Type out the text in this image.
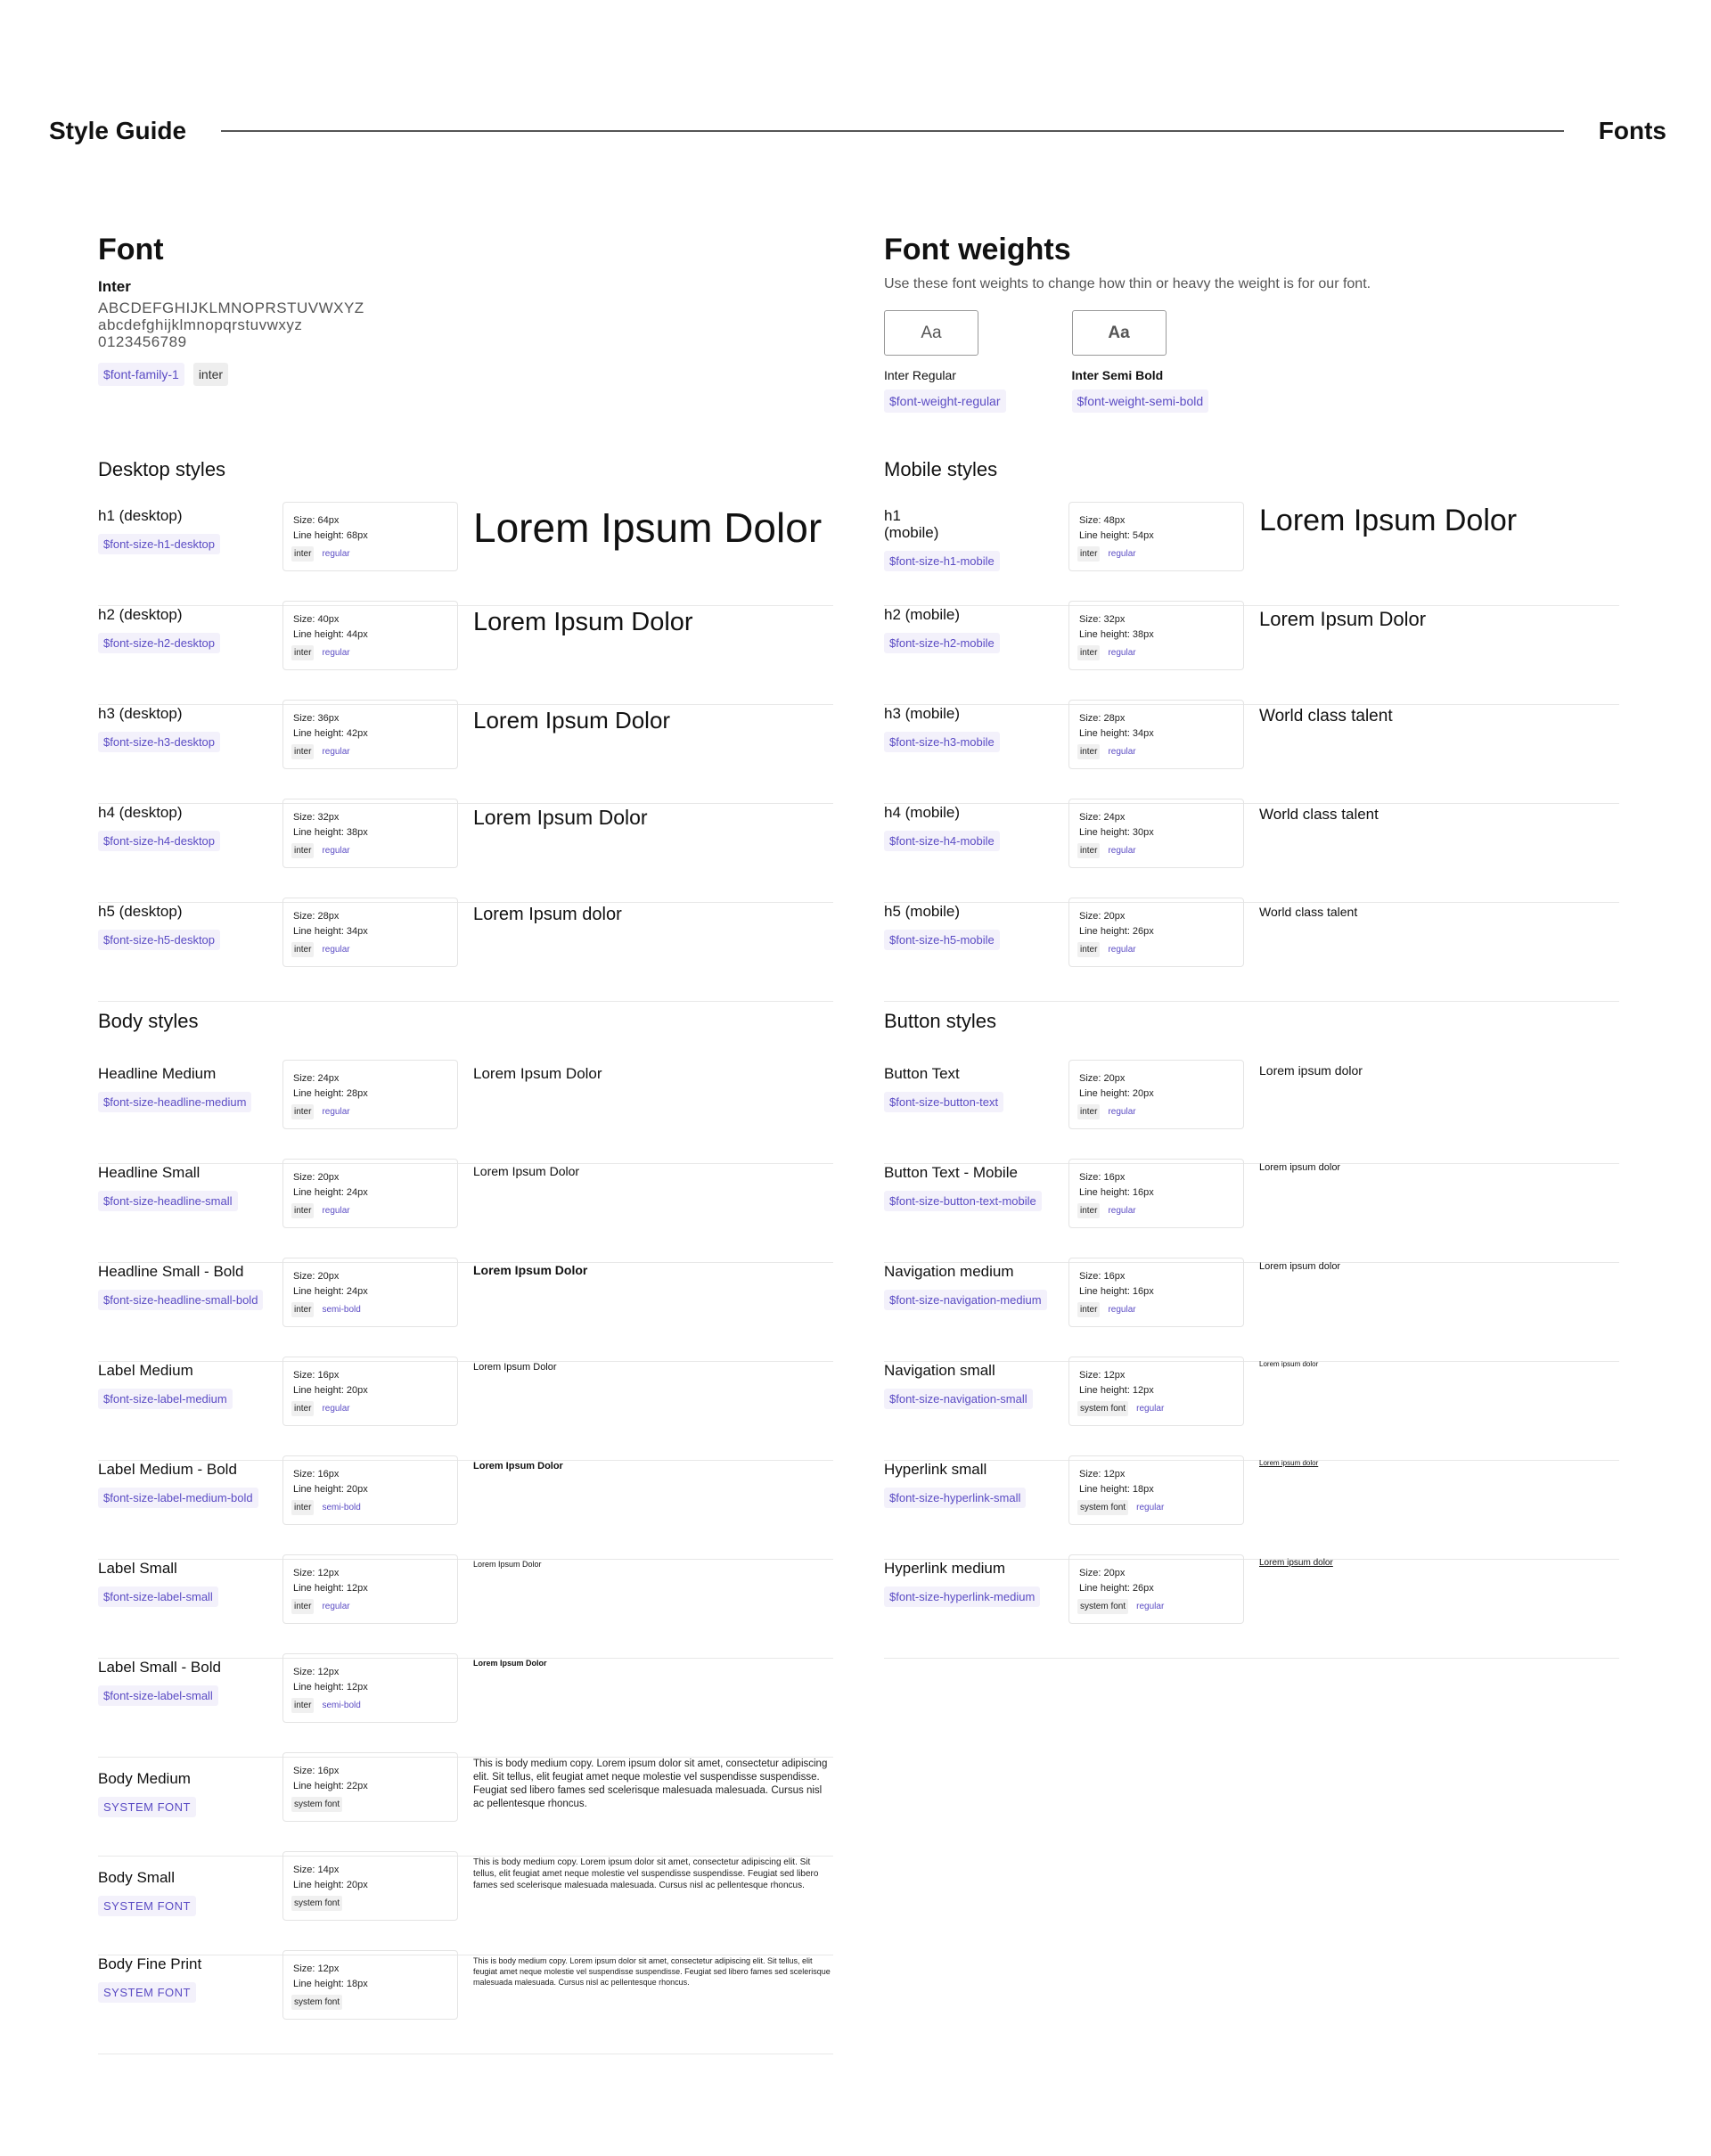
Style Guide	Fonts
Font
Inter
ABCDEFGHIJKLMNOPRSTUVWXYZ
abcdefghijklmnopqrstuvwxyz
0123456789
$font-family-1	inter
Font weights
Use these font weights to change how thin or heavy the weight is for our font.
Aa
Inter Regular
$font-weight-regular
Aa
Inter Semi Bold
$font-weight-semi-bold
Desktop styles	Mobile styles
Body styles	Button styles
h1 (desktop)
$font-size-h1-desktop
Size: 64px
Line height: 68px
inter	regular
Lorem Ipsum Dolor
h2 (desktop)
$font-size-h2-desktop
Size: 40px
Line height: 44px
inter	regular
Lorem Ipsum Dolor
h3 (desktop)
$font-size-h3-desktop
Size: 36px
Line height: 42px
inter	regular
Lorem Ipsum Dolor
h4 (desktop)
$font-size-h4-desktop
Size: 32px
Line height: 38px
inter	regular
Lorem Ipsum Dolor
h5 (desktop)
$font-size-h5-desktop
Size: 28px
Line height: 34px
inter	regular
Lorem Ipsum dolor
h1
(mobile)
$font-size-h1-mobile
Size: 48px
Line height: 54px
inter	regular
Lorem Ipsum Dolor
h2 (mobile)
$font-size-h2-mobile
Size: 32px
Line height: 38px
inter	regular
Lorem Ipsum Dolor
h3 (mobile)
$font-size-h3-mobile
Size: 28px
Line height: 34px
inter	regular
World class talent
h4 (mobile)
$font-size-h4-mobile
Size: 24px
Line height: 30px
inter	regular
World class talent
h5 (mobile)
$font-size-h5-mobile
Size: 20px
Line height: 26px
inter	regular
World class talent
Headline Medium
$font-size-headline-medium
Size: 24px
Line height: 28px
inter	regular
Lorem Ipsum Dolor
Headline Small
$font-size-headline-small
Size: 20px
Line height: 24px
inter	regular
Lorem Ipsum Dolor
Headline Small - Bold
$font-size-headline-small-bold
Size: 20px
Line height: 24px
inter	semi-bold
Lorem Ipsum Dolor
Label Medium
$font-size-label-medium
Size: 16px
Line height: 20px
inter	regular
Lorem Ipsum Dolor
Label Medium - Bold
$font-size-label-medium-bold
Size: 16px
Line height: 20px
inter	semi-bold
Lorem Ipsum Dolor
Label Small
$font-size-label-small
Size: 12px
Line height: 12px
inter	regular
Lorem Ipsum Dolor
Label Small - Bold
$font-size-label-small
Size: 12px
Line height: 12px
inter	semi-bold
Lorem Ipsum Dolor
Body Medium
SYSTEM FONT
Size: 16px
Line height: 22px
system font
This is body medium copy. Lorem ipsum dolor sit amet, consectetur adipiscing elit. Sit tellus, elit feugiat amet neque molestie vel suspendisse suspendisse. Feugiat sed libero fames sed scelerisque malesuada malesuada. Cursus nisl ac pellentesque rhoncus.
Body Small
SYSTEM FONT
Size: 14px
Line height: 20px
system font
This is body medium copy. Lorem ipsum dolor sit amet, consectetur adipiscing elit. Sit tellus, elit feugiat amet neque molestie vel suspendisse suspendisse. Feugiat sed libero fames sed scelerisque malesuada malesuada. Cursus nisl ac pellentesque rhoncus.
Body Fine Print
SYSTEM FONT
Size: 12px
Line height: 18px
system font
This is body medium copy. Lorem ipsum dolor sit amet, consectetur adipiscing elit. Sit tellus, elit feugiat amet neque molestie vel suspendisse suspendisse. Feugiat sed libero fames sed scelerisque malesuada malesuada. Cursus nisl ac pellentesque rhoncus.
Button Text
$font-size-button-text
Size: 20px
Line height: 20px
inter	regular
Lorem ipsum dolor
Button Text - Mobile
$font-size-button-text-mobile
Size: 16px
Line height: 16px
inter	regular
Lorem ipsum dolor
Navigation medium
$font-size-navigation-medium
Size: 16px
Line height: 16px
inter	regular
Lorem ipsum dolor
Navigation small
$font-size-navigation-small
Size: 12px
Line height: 12px
system font	regular
Lorem ipsum dolor
Hyperlink small
$font-size-hyperlink-small
Size: 12px
Line height: 18px
system font	regular
Lorem ipsum dolor
Hyperlink medium
$font-size-hyperlink-medium
Size: 20px
Line height: 26px
system font	regular
Lorem ipsum dolor
